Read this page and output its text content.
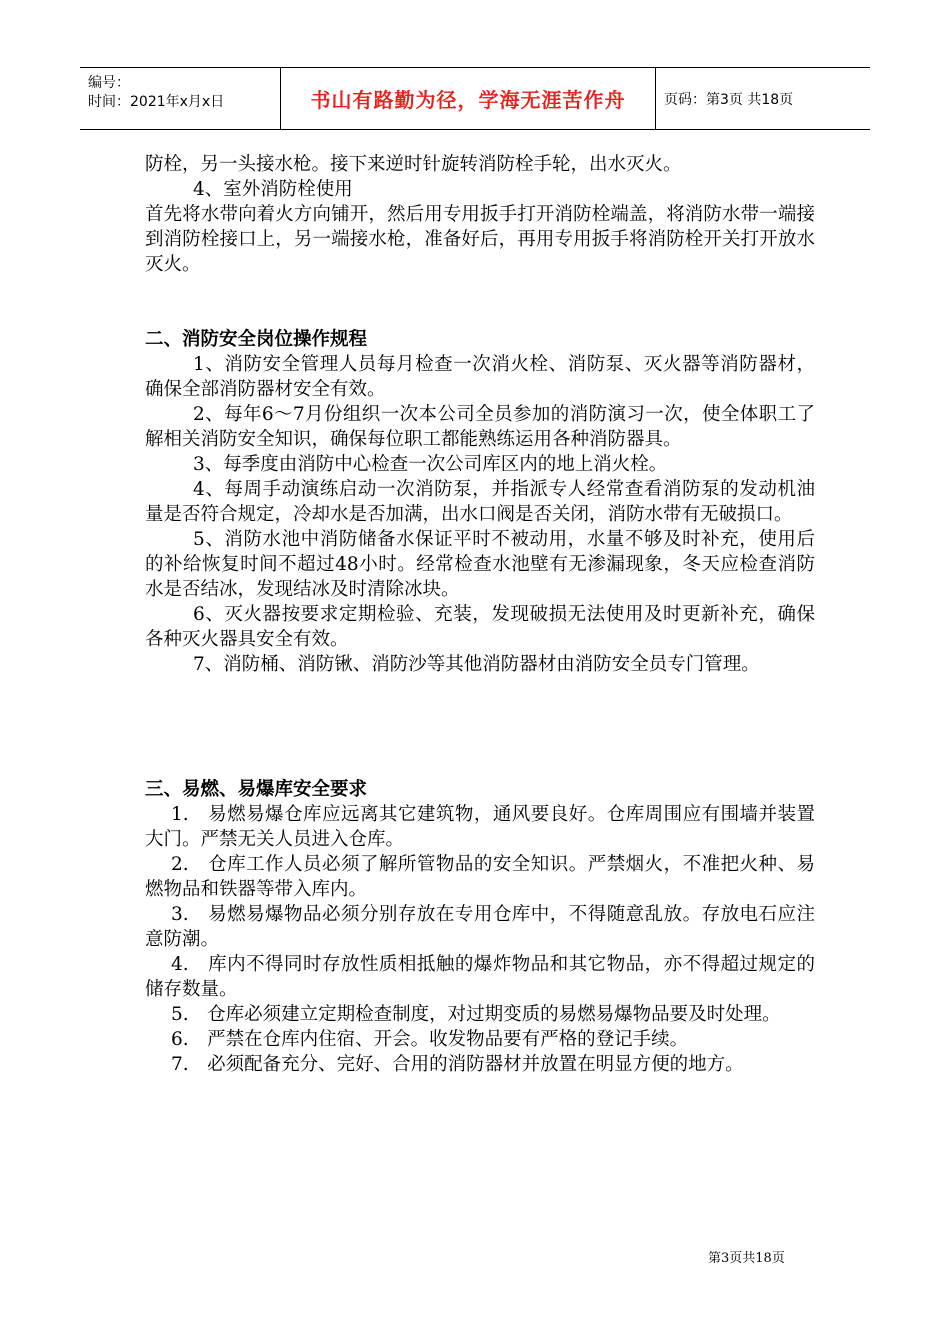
编号：
时间：2021年x月x日	书山有路勤为径，学海无涯苦作舟	页码：第3页 共18页

防栓，另一头接水枪。接下来逆时针旋转消防栓手轮，出水灭火。

4、室外消防栓使用

首先将水带向着火方向铺开，然后用专用扳手打开消防栓端盖，将消防水带一端接到消防栓接口上，另一端接水枪，准备好后，再用专用扳手将消防栓开关打开放水灭火。

二、消防安全岗位操作规程

1、消防安全管理人员每月检查一次消火栓、消防泵、灭火器等消防器材，确保全部消防器材安全有效。

2、每年6～7月份组织一次本公司全员参加的消防演习一次，使全体职工了解相关消防安全知识，确保每位职工都能熟练运用各种消防器具。

3、每季度由消防中心检查一次公司库区内的地上消火栓。

4、每周手动演练启动一次消防泵，并指派专人经常查看消防泵的发动机油量是否符合规定，冷却水是否加满，出水口阀是否关闭，消防水带有无破损口。

5、消防水池中消防储备水保证平时不被动用，水量不够及时补充，使用后的补给恢复时间不超过48小时。经常检查水池壁有无渗漏现象，冬天应检查消防水是否结冰，发现结冰及时清除冰块。

6、灭火器按要求定期检验、充装，发现破损无法使用及时更新补充，确保各种灭火器具安全有效。

7、消防桶、消防锹、消防沙等其他消防器材由消防安全员专门管理。

三、易燃、易爆库安全要求

1.　易燃易爆仓库应远离其它建筑物，通风要良好。仓库周围应有围墙并装置大门。严禁无关人员进入仓库。

2.　仓库工作人员必须了解所管物品的安全知识。严禁烟火，不准把火种、易燃物品和铁器等带入库内。

3.　易燃易爆物品必须分别存放在专用仓库中，不得随意乱放。存放电石应注意防潮。

4.　库内不得同时存放性质相抵触的爆炸物品和其它物品，亦不得超过规定的储存数量。

5.　仓库必须建立定期检查制度，对过期变质的易燃易爆物品要及时处理。

6.　严禁在仓库内住宿、开会。收发物品要有严格的登记手续。

7.　必须配备充分、完好、合用的消防器材并放置在明显方便的地方。

第3页共18页
